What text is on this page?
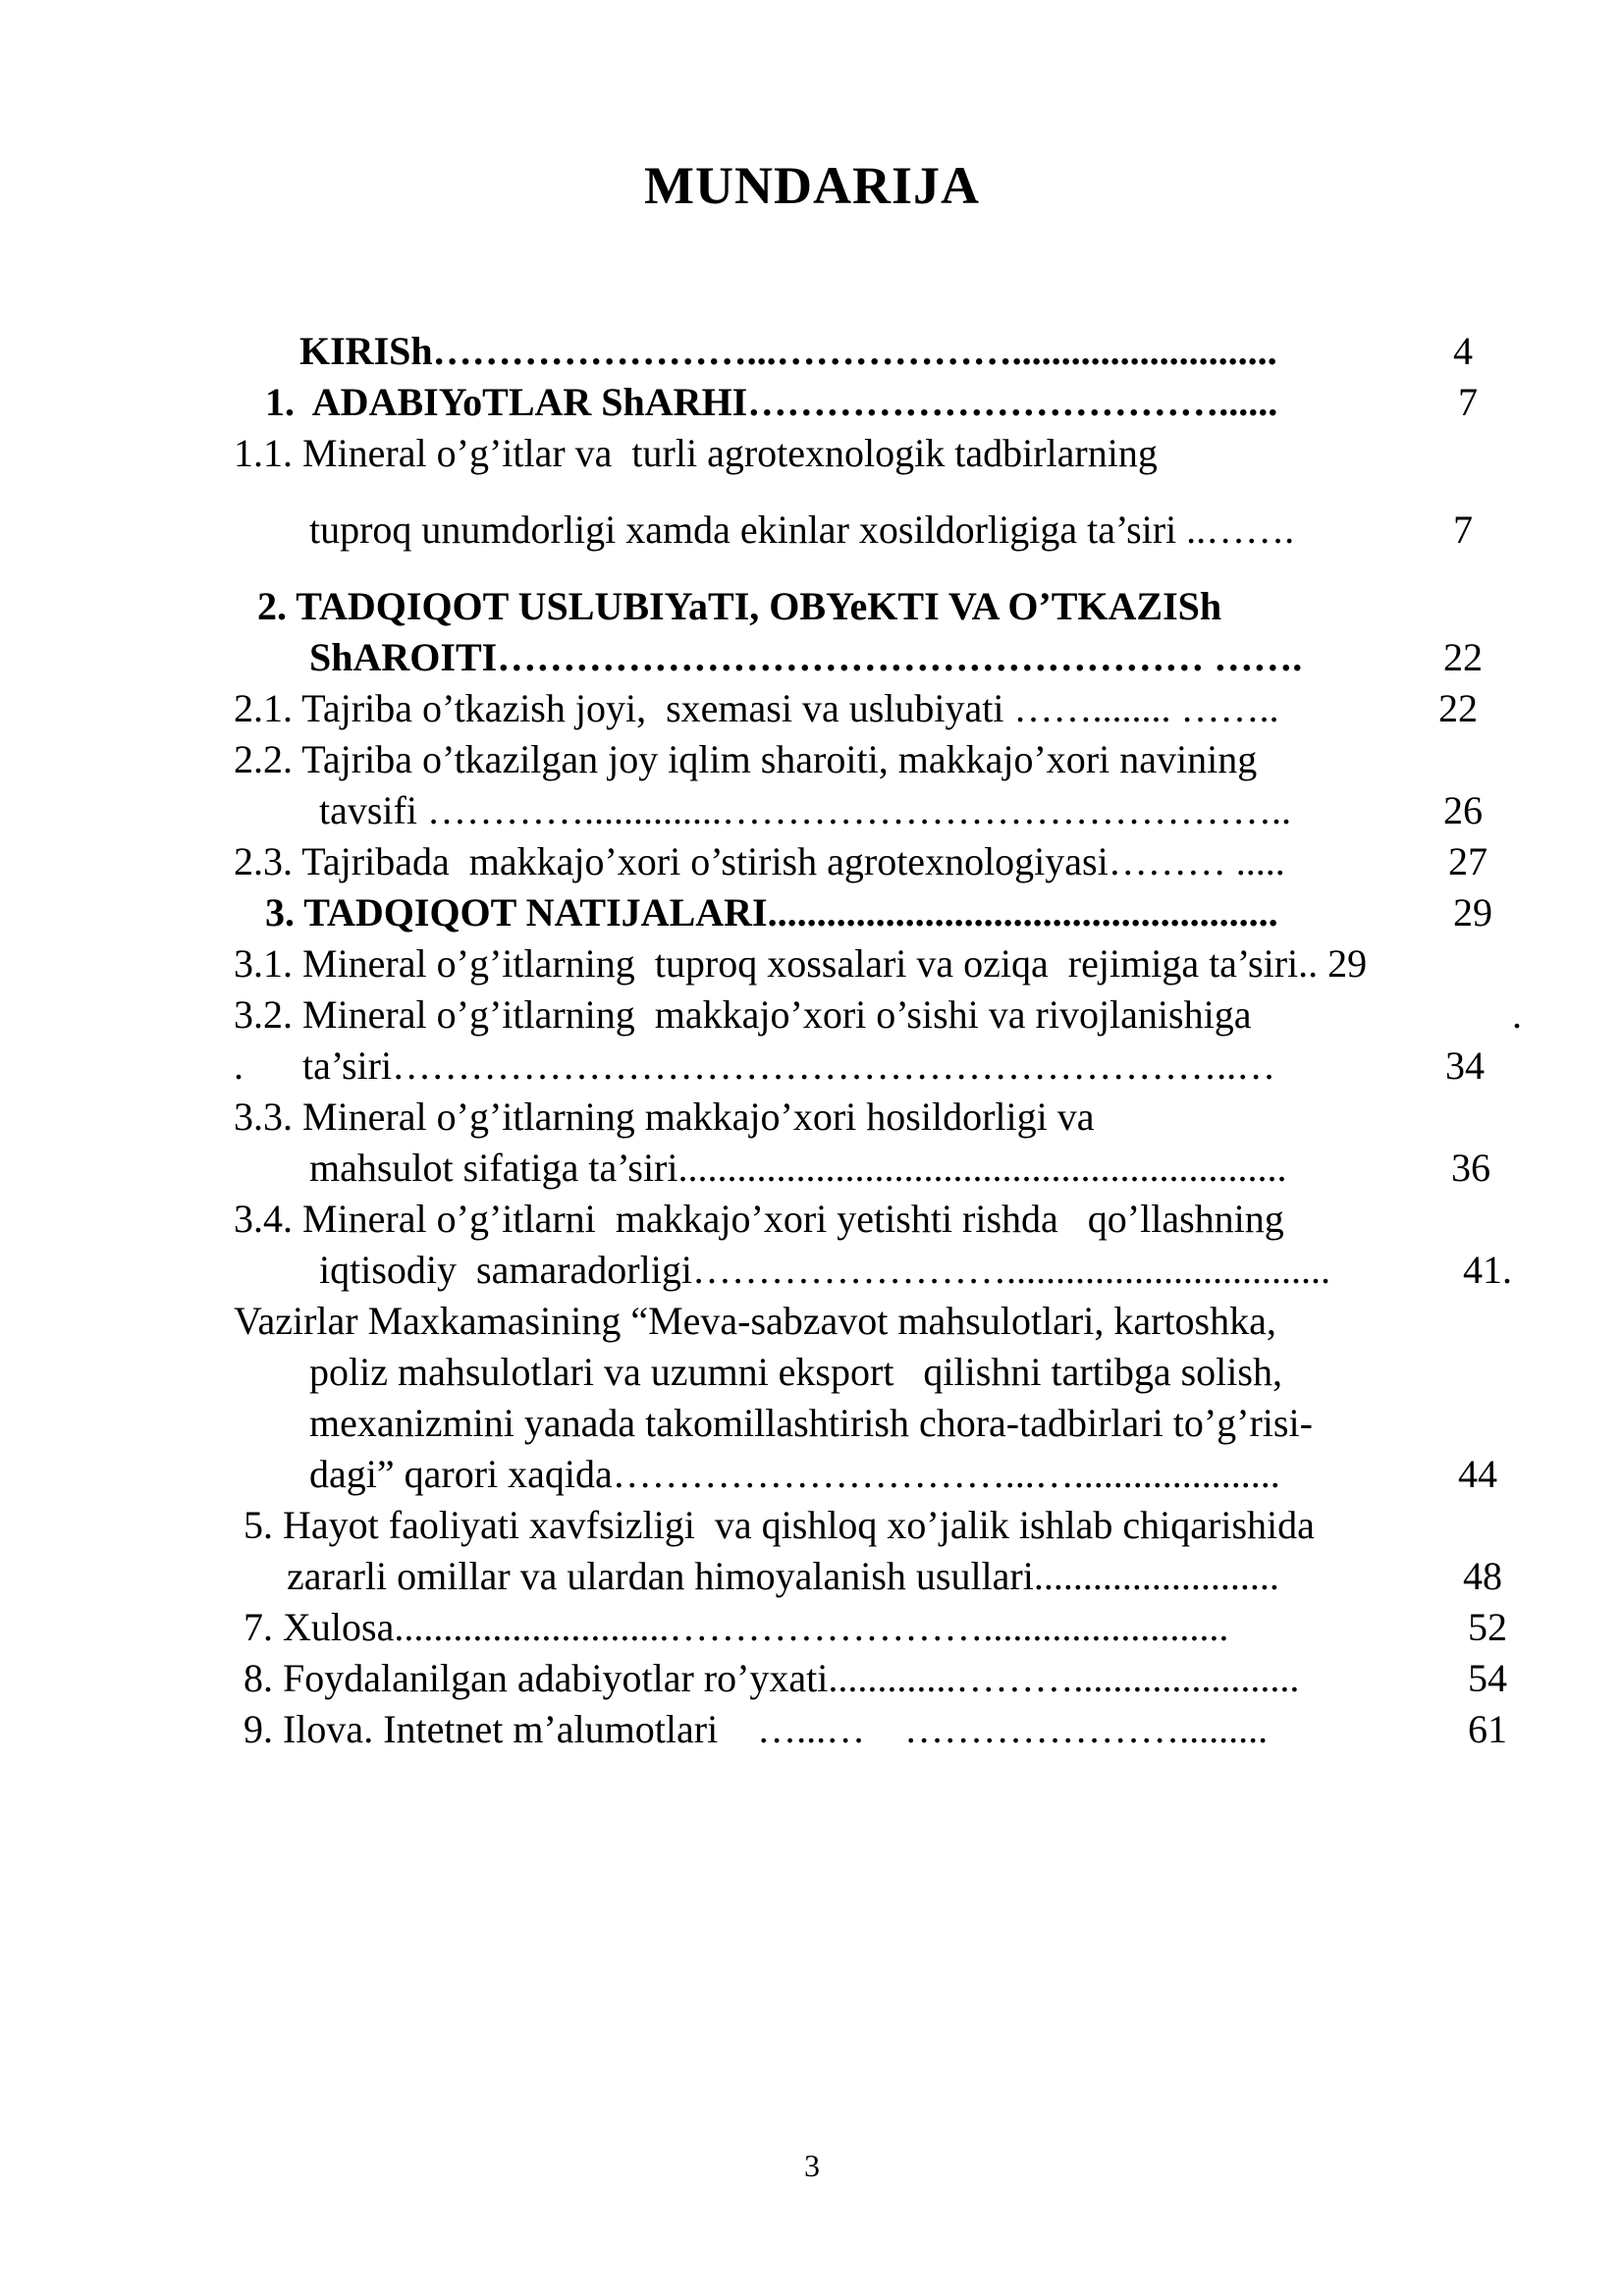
MUNDARIJA
KIRISh……………………...………………...........................	4
1.  ADABIYoTLAR ShARHI………………………………......	7
1.1. Mineral o’g’itlar va  turli agrotexnologik tadbirlarning
tuproq unumdorligi xamda ekinlar xosildorligiga ta’siri ..…….	7
2. TADQIQOT USLUBIYaTI, OBYeKTI VA O’TKAZISh
ShAROITI……………………………………………… …….	22
2.1. Tajriba o’tkazish joyi,  sxemasi va uslubiyati ……........ ……..	22
2.2. Tajriba o’tkazilgan joy iqlim sharoiti, makkajo’xori navining
tavsifi …………..............……………………………………..	26
2.3. Tajribada  makkajo’xori o’stirish agrotexnologiyasi……… .....	27
3. TADQIQOT NATIJALARI....................................................	29
3.1. Mineral o’g’itlarning  tuproq xossalari va oziqa  rejimiga ta’siri.. 29
3.2. Mineral o’g’itlarning  makkajo’xori o’sishi va rivojlanishiga	.
.      ta’siri………………………………………………………..…	34
3.3. Mineral o’g’itlarning makkajo’xori hosildorligi va
mahsulot sifatiga ta’siri..............................................................	36
3.4. Mineral o’g’itlarni  makkajo’xori yetishti rishda   qo’llashning
iqtisodiy  samaradorligi…………………….................................	41.
Vazirlar Maxkamasining “Meva-sabzavot mahsulotlari, kartoshka,
poliz mahsulotlari va uzumni eksport   qilishni tartibga solish,
mexanizmini yanada takomillashtirish chora-tadbirlari to’g’risi-
dagi” qarori xaqida…………………………...….....................	44
5. Hayot faoliyati xavfsizligi  va qishloq xo’jalik ishlab chiqarishida
zararli omillar va ulardan himoyalanish usullari.........................	48
7. Xulosa............................…………………….........................	52
8. Foydalanilgan adabiyotlar ro’yxati.............……….......................	54
9. Ilova. Intetnet m’alumotlari    …...…    ………………….........	61
3
